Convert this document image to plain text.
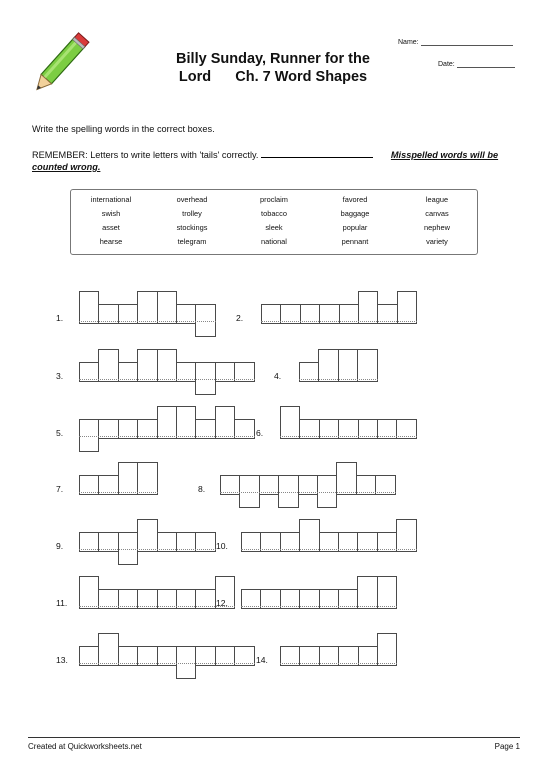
Billy Sunday, Runner for the
Lord      Ch. 7 Word Shapes
Name:
Date:
Write the spelling words in the correct boxes.
REMEMBER: Letters to write letters with 'tails' correctly.	Misspelled words will be counted wrong.
international	overhead	proclaim	favored	league
swish	trolley	tobacco	baggage	canvas
asset	stockings	sleek	popular	nephew
hearse	telegram	national	pennant	variety
1.	2.
3.	4.
5.	6.
7.	8.
9.	10.
11.	12.
13.	14.
Created at Quickworksheets.net	Page 1
